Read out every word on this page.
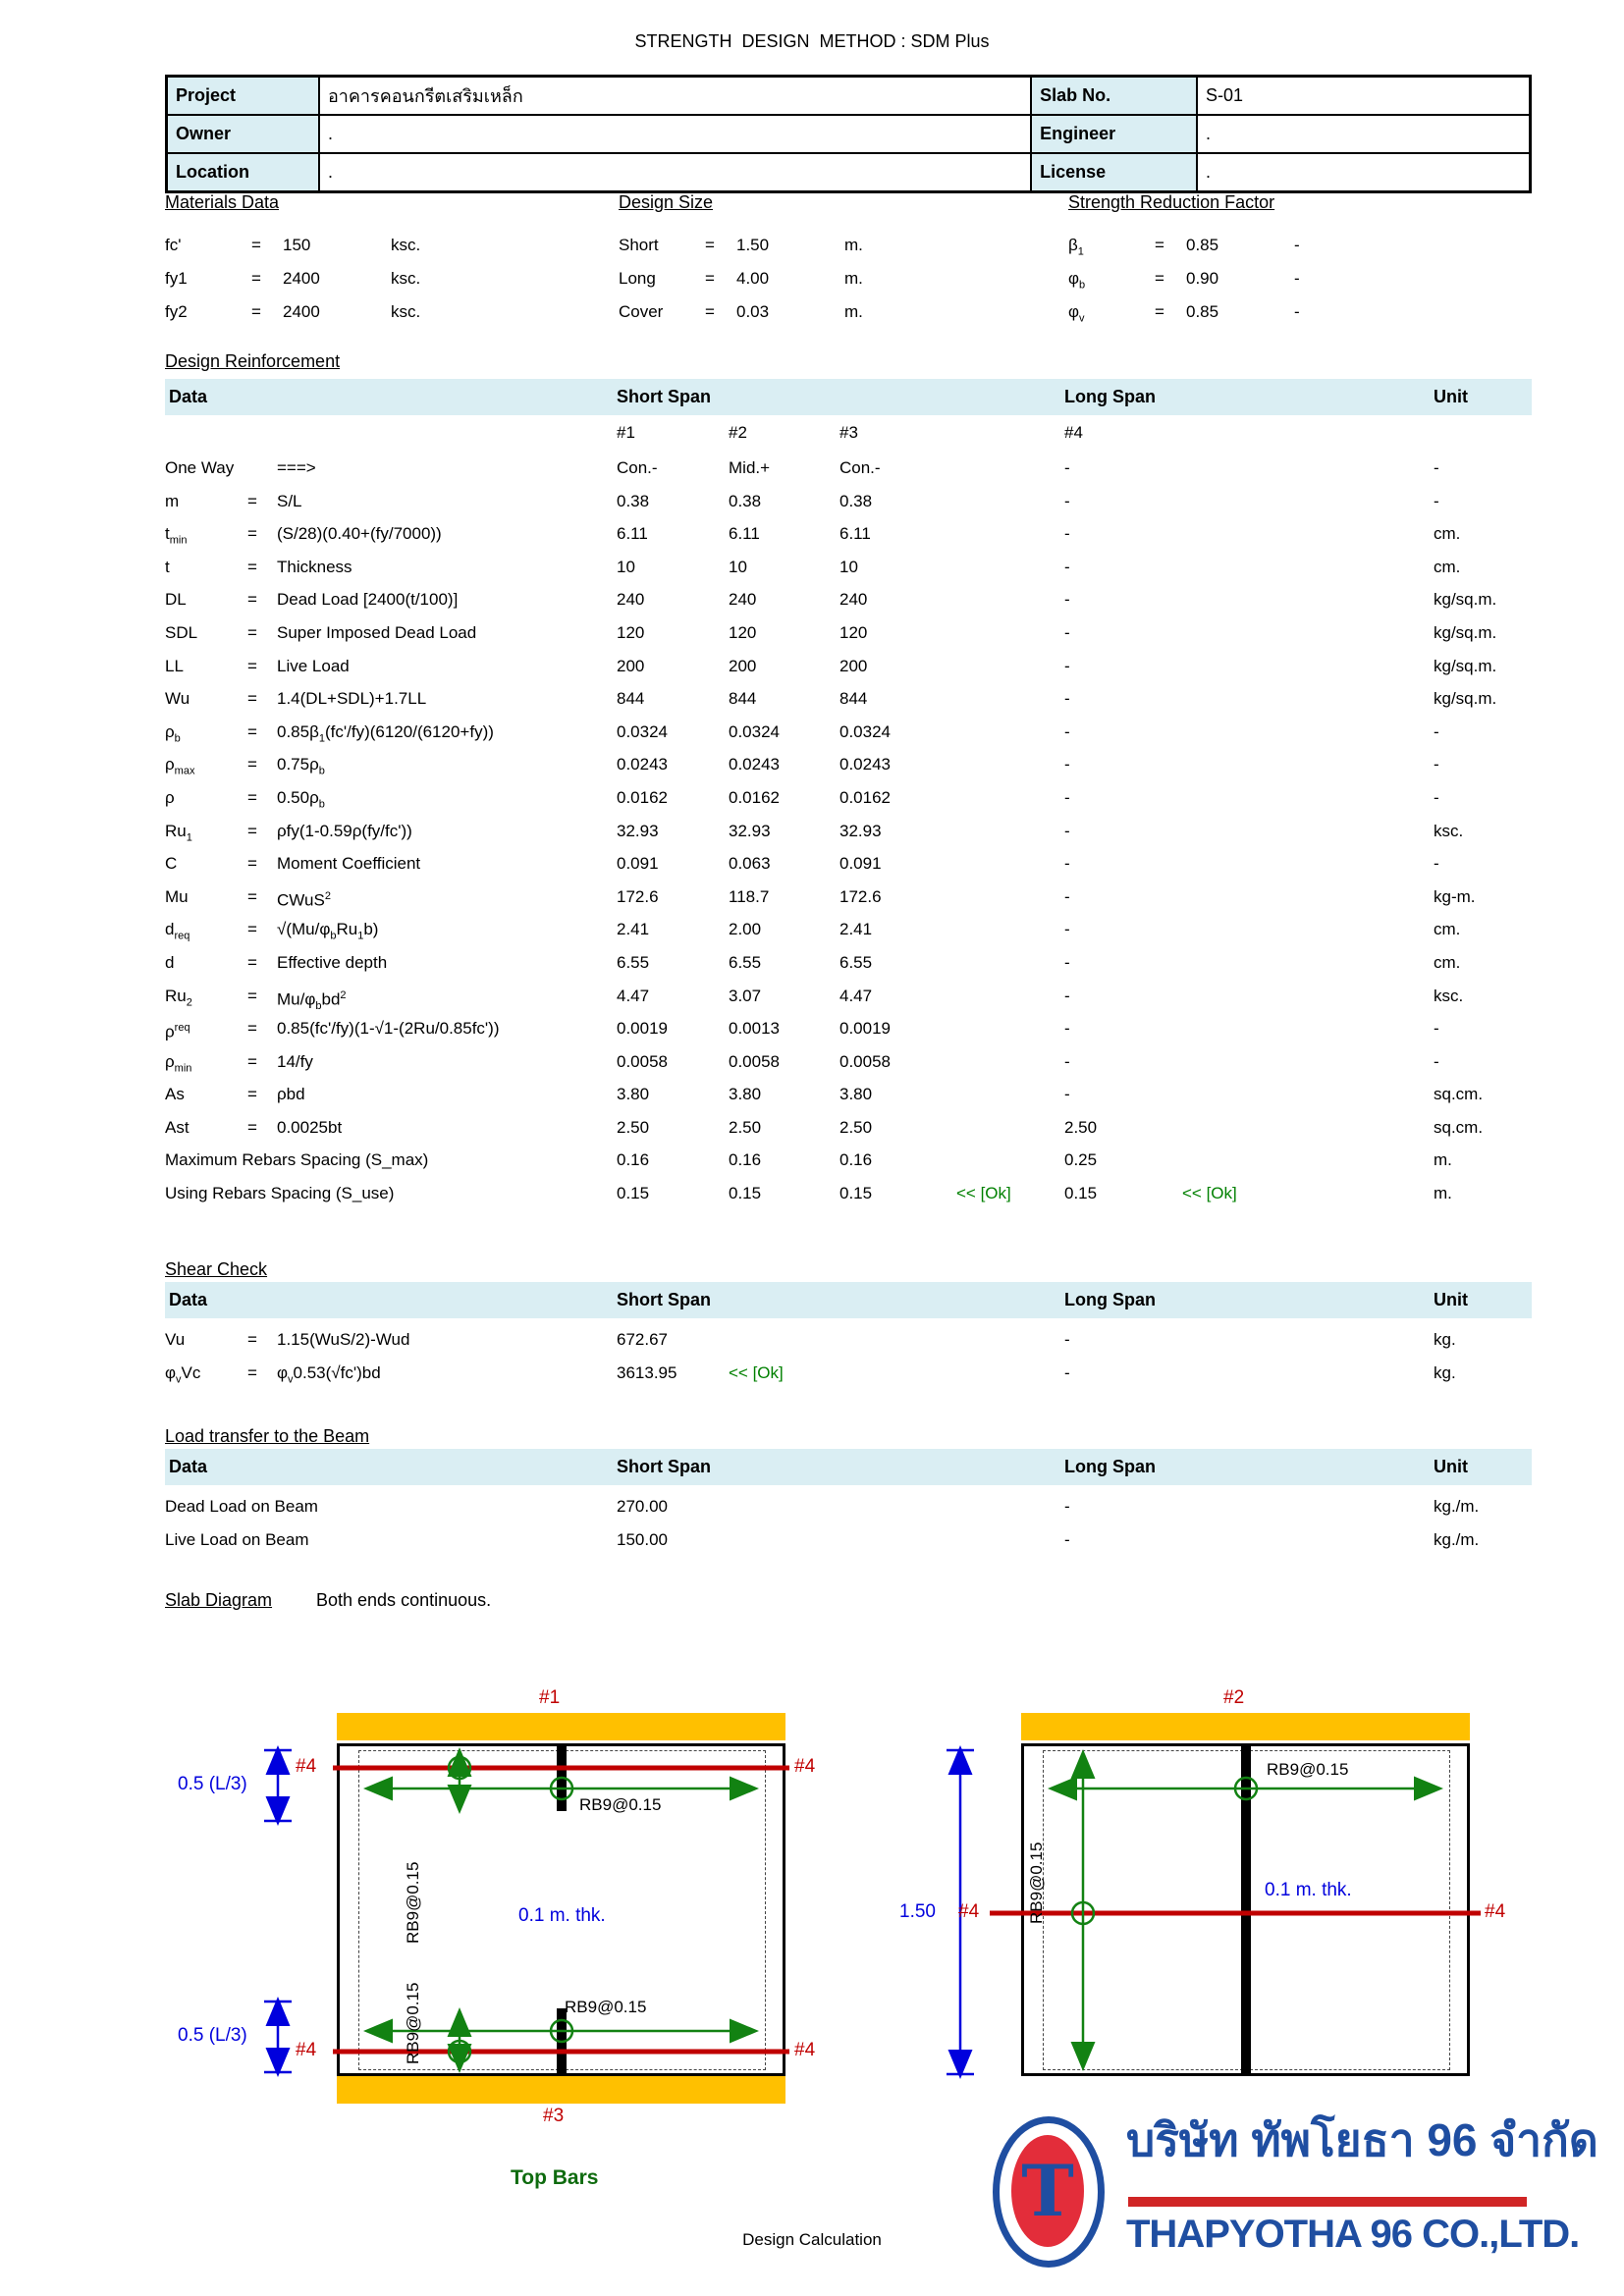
STRENGTH  DESIGN  METHOD : SDM Plus
Project	อาคารคอนกรีตเสริมเหล็ก	Slab No.	S-01
Owner	.	Engineer	.
Location	.	License	.
Materials Data
fc'	= 150	ksc.
fy1	= 2400	ksc.
fy2	= 2400	ksc.
Design Size
Short	= 1.50	m.
Long	= 4.00	m.
Cover	= 0.03	m.
Strength Reduction Factor
$\beta_1$	= 0.85	-
$\varphi_b$	= 0.90	-
$\varphi_v$	= 0.85	-
Design Reinforcement
Data	Short Span	Long Span	Unit
#1	#2	#3	#4
One Way	===>	Con.-	Mid.+	Con.-	-	-
m	= S/L	0.38	0.38	0.38	-	-
$t_{min}$	= (S/28)(0.40+(fy/7000))	6.11	6.11	6.11	-	cm.
t	= Thickness	10	10	10	-	cm.
DL	= Dead Load [2400(t/100)]	240	240	240	-	kg/sq.m.
SDL	= Super Imposed Dead Load	120	120	120	-	kg/sq.m.
LL	= Live Load	200	200	200	-	kg/sq.m.
Wu	= 1.4(DL+SDL)+1.7LL	844	844	844	-	kg/sq.m.
$\rho_b$	= $0.85\beta_1(fc'/fy)(6120/(6120+fy))$	0.0324	0.0324	0.0324	-	-
$\rho_{max}$	= $0.75\rho_b$	0.0243	0.0243	0.0243	-	-
ρ	= $0.50\rho_b$	0.0162	0.0162	0.0162	-	-
$Ru_1$	= ρfy(1-0.59ρ(fy/fc'))	32.93	32.93	32.93	-	ksc.
C	= Moment Coefficient	0.091	0.063	0.091	-	-
Mu	= CWuS$^2$	172.6	118.7	172.6	-	kg-m.
$d_{req}$	= $√(Mu/\varphi_bRu_1b)$	2.41	2.00	2.41	-	cm.
d	= Effective depth	6.55	6.55	6.55	-	cm.
$Ru_2$	= $Mu/\varphi_bbd^2$	4.47	3.07	4.47	-	ksc.
$\rho^{req}$	= 0.85(fc'/fy)(1-√1-(2Ru/0.85fc'))	0.0019	0.0013	0.0019	-	-
$\rho_{min}$	= 14/fy	0.0058	0.0058	0.0058	-	-
As	= ρbd	3.80	3.80	3.80	-	sq.cm.
Ast	= 0.0025bt	2.50	2.50	2.50	2.50	sq.cm.
Maximum Rebars Spacing (S_max)	0.16	0.16	0.16	0.25	m.
Using Rebars Spacing (S_use)	0.15	0.15	0.15	<< [Ok]	0.15	<< [Ok]	m.
Shear Check
Data	Short Span	Long Span	Unit
Vu	= 1.15(WuS/2)-Wud	672.67	-	kg.
$\varphi_vVc$	= $\varphi_v0.53(√fc')bd$	3613.95	<< [Ok]	-	kg.
Load transfer to the Beam
Data	Short Span	Long Span	Unit
Dead Load on Beam	270.00	-	kg./m.
Live Load on Beam	150.00	-	kg./m.
Slab Diagram Both ends continuous.
#1
#4	#4
#4	#4
0.5 (L/3)
0.5 (L/3)
RB9@0.15
RB9@0.15
RB9@0.15
RB9@0.15
0.1 m. thk.
#3
Top Bars
#2
#4	#4
1.50
RB9@0.15
RB9@0.15	0.1 m. thk.
T
บริษัท ทัพโยธา 96 จำกัด
THAPYOTHA 96 CO.,LTD.
Design Calculation
